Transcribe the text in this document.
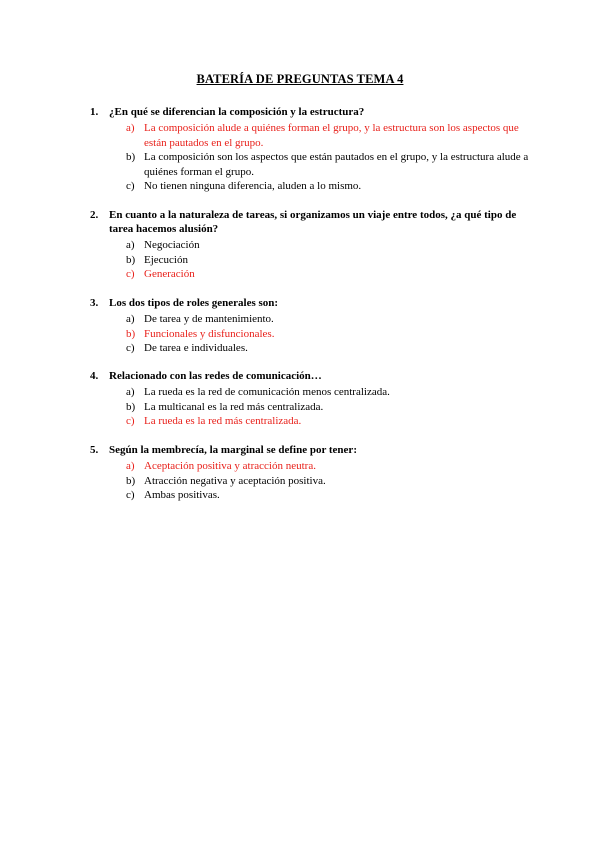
BATERÍA DE PREGUNTAS TEMA 4
1. ¿En qué se diferencian la composición y la estructura?
a) La composición alude a quiénes forman el grupo, y la estructura son los aspectos que están pautados en el grupo.
b) La composición son los aspectos que están pautados en el grupo, y la estructura alude a quiénes forman el grupo.
c) No tienen ninguna diferencia, aluden a lo mismo.
2. En cuanto a la naturaleza de tareas, si organizamos un viaje entre todos, ¿a qué tipo de tarea hacemos alusión?
a) Negociación
b) Ejecución
c) Generación
3. Los dos tipos de roles generales son:
a) De tarea y de mantenimiento.
b) Funcionales y disfuncionales.
c) De tarea e individuales.
4. Relacionado con las redes de comunicación…
a) La rueda es la red de comunicación menos centralizada.
b) La multicanal es la red más centralizada.
c) La rueda es la red más centralizada.
5. Según la membrecía, la marginal se define por tener:
a) Aceptación positiva y atracción neutra.
b) Atracción negativa y aceptación positiva.
c) Ambas positivas.
